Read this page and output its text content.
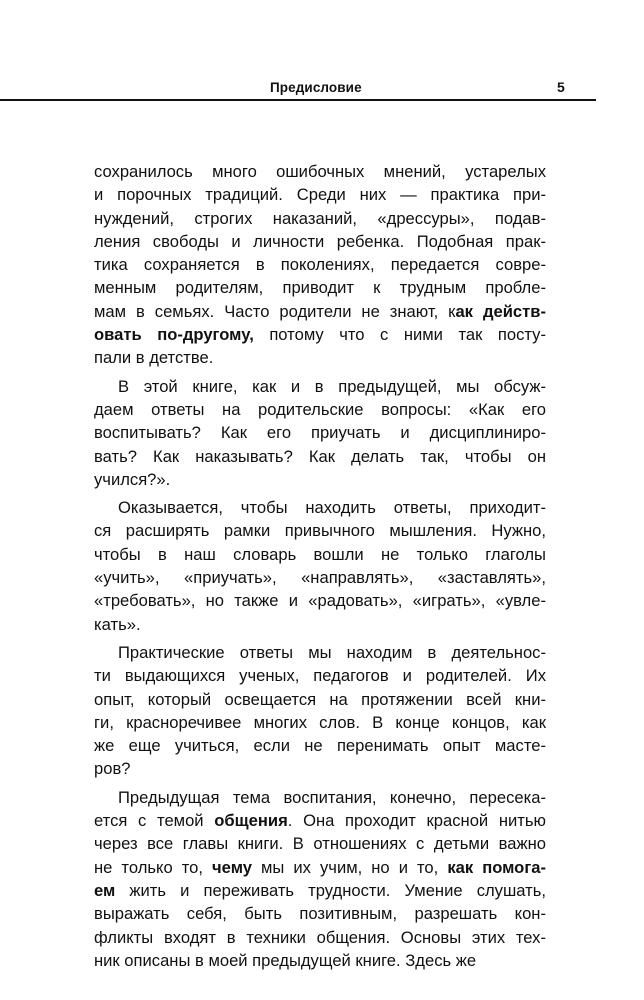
Предисловие	5
сохранилось много ошибочных мнений, устарелых
и порочных традиций. Среди них — практика при-
нуждений, строгих наказаний, «дрессуры», подав-
ления свободы и личности ребенка. Подобная прак-
тика сохраняется в поколениях, передается совре-
менным родителям, приводит к трудным пробле-
мам в семьях. Часто родители не знают, как действ-
овать по-другому, потому что с ними так посту-
пали в детстве.
В этой книге, как и в предыдущей, мы обсуж-
даем ответы на родительские вопросы: «Как его
воспитывать? Как его приучать и дисциплиниро-
вать? Как наказывать? Как делать так, чтобы он
учился?».
Оказывается, чтобы находить ответы, приходит-
ся расширять рамки привычного мышления. Нужно,
чтобы в наш словарь вошли не только глаголы
«учить», «приучать», «направлять», «заставлять»,
«требовать», но также и «радовать», «играть», «увле-
кать».
Практические ответы мы находим в деятельнос-
ти выдающихся ученых, педагогов и родителей. Их
опыт, который освещается на протяжении всей кни-
ги, красноречивее многих слов. В конце концов, как
же еще учиться, если не перенимать опыт масте-
ров?
Предыдущая тема воспитания, конечно, пересека-
ется с темой общения. Она проходит красной нитью
через все главы книги. В отношениях с детьми важно
не только то, чему мы их учим, но и то, как помога-
ем жить и переживать трудности. Умение слушать,
выражать себя, быть позитивным, разрешать кон-
фликты входят в техники общения. Основы этих тех-
ник описаны в моей предыдущей книге. Здесь же
